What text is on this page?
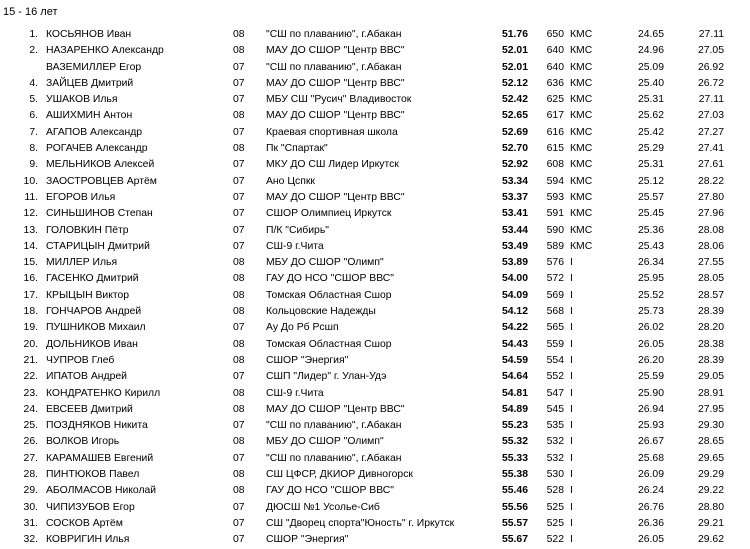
15 - 16 лет
1. КОСЬЯНОВ Иван	08 "СШ по плаванию", г.Абакан	51.76	650 КМС	24.65	27.11
2. НАЗАРЕНКО Александр	08 МАУ ДО СШОР "Центр ВВС"	52.01	640 КМС	24.96	27.05
ВАЗЕМИЛЛЕР Егор	07 "СШ по плаванию", г.Абакан	52.01	640 КМС	25.09	26.92
4. ЗАЙЦЕВ Дмитрий	07 МАУ ДО СШОР "Центр ВВС"	52.12	636 КМС	25.40	26.72
5. УШАКОВ Илья	07 МБУ СШ "Русич" Владивосток	52.42	625 КМС	25.31	27.11
6. АШИХМИН Антон	08 МАУ ДО СШОР "Центр ВВС"	52.65	617 КМС	25.62	27.03
7. АГАПОВ Александр	07 Краевая спортивная школа	52.69	616 КМС	25.42	27.27
8. РОГАЧЕВ Александр	08 Пк "Спартак"	52.70	615 КМС	25.29	27.41
9. МЕЛЬНИКОВ Алексей	07 МКУ ДО СШ Лидер Иркутск	52.92	608 КМС	25.31	27.61
10. ЗАОСТРОВЦЕВ Артём	07 Ано Цспкк	53.34	594 КМС	25.12	28.22
11. ЕГОРОВ Илья	07 МАУ ДО СШОР "Центр ВВС"	53.37	593 КМС	25.57	27.80
12. СИНЬШИНОВ Степан	07 СШОР Олимпиец Иркутск	53.41	591 КМС	25.45	27.96
13. ГОЛОВКИН Пётр	07 П/К "Сибирь"	53.44	590 КМС	25.36	28.08
14. СТАРИЦЫН Дмитрий	07 СШ-9 г.Чита	53.49	589 КМС	25.43	28.06
15. МИЛЛЕР Илья	08 МБУ ДО СШОР "Олимп"	53.89	576 I	26.34	27.55
16. ГАСЕНКО Дмитрий	08 ГАУ ДО НСО "СШОР ВВС"	54.00	572 I	25.95	28.05
17. КРЫЦЫН Виктор	08 Томская Областная Сшор	54.09	569 I	25.52	28.57
18. ГОНЧАРОВ Андрей	08 Кольцовские Надежды	54.12	568 I	25.73	28.39
19. ПУШНИКОВ Михаил	07 Ау До Рб Рсшп	54.22	565 I	26.02	28.20
20. ДОЛЬНИКОВ Иван	08 Томская Областная Сшор	54.43	559 I	26.05	28.38
21. ЧУПРОВ Глеб	08 СШОР "Энергия"	54.59	554 I	26.20	28.39
22. ИПАТОВ Андрей	07 СШП "Лидер" г. Улан-Удэ	54.64	552 I	25.59	29.05
23. КОНДРАТЕНКО Кирилл	08 СШ-9 г.Чита	54.81	547 I	25.90	28.91
24. ЕВСЕЕВ Дмитрий	08 МАУ ДО СШОР "Центр ВВС"	54.89	545 I	26.94	27.95
25. ПОЗДНЯКОВ Никита	07 "СШ по плаванию", г.Абакан	55.23	535 I	25.93	29.30
26. ВОЛКОВ Игорь	08 МБУ ДО СШОР "Олимп"	55.32	532 I	26.67	28.65
27. КАРАМАШЕВ Евгений	07 "СШ по плаванию", г.Абакан	55.33	532 I	25.68	29.65
28. ПИНТЮКОВ Павел	08 СШ ЦФСР, ДКИОР Дивногорск	55.38	530 I	26.09	29.29
29. АБОЛМАСОВ Николай	08 ГАУ ДО НСО "СШОР ВВС"	55.46	528 I	26.24	29.22
30. ЧИПИЗУБОВ Егор	07 ДЮСШ №1 Усолье-Сиб	55.56	525 I	26.76	28.80
31. СОСКОВ Артём	07 СШ "Дворец спорта"Юность" г. Иркутск	55.57	525 I	26.36	29.21
32. КОВРИГИН Илья	07 СШОР "Энергия"	55.67	522 I	26.05	29.62
